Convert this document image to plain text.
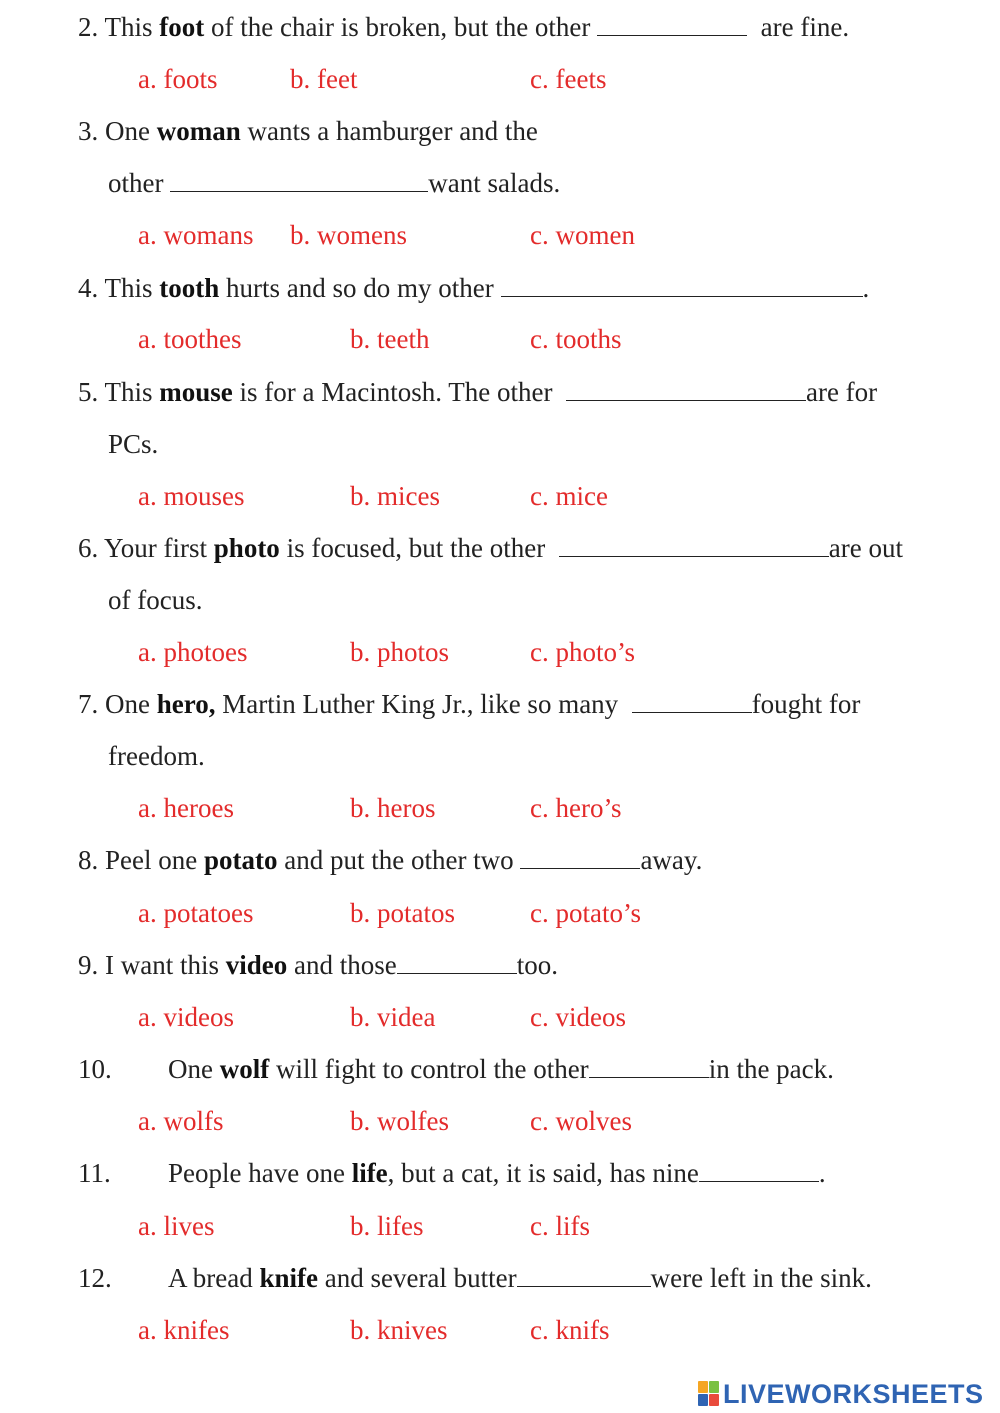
2. This foot of the chair is broken, but the other	are fine.
a. foots	b. feet	c. feets
3. One woman wants a hamburger and the
other	want salads.
a. womans b. womens	c. women
4. This tooth hurts and so do my other	.
a. toothes	b. teeth	c. tooths
5. This mouse is for a Macintosh. The other	are for
PCs.
a. mouses	b. mices	c. mice
6. Your first photo is focused, but the other	are out
of focus.
a. photoes	b. photos	c. photo’s
7. One hero, Martin Luther King Jr., like so many	fought for
freedom.
a. heroes	b. heros	c. hero’s
8. Peel one potato and put the other two	away.
a. potatoes	b. potatos	c. potato’s
9. I want this video and those	too.
a. videos	b. videa	c. videos
10. One wolf will fight to control the other	in the pack.
a. wolfs	b. wolfes	c. wolves
11. People have one life, but a cat, it is said, has nine	.
a. lives	b. lifes	c. lifs
12. A bread knife and several butter	were left in the sink.
a. knifes	b. knives	c. knifs
LIVEWORKSHEETS
